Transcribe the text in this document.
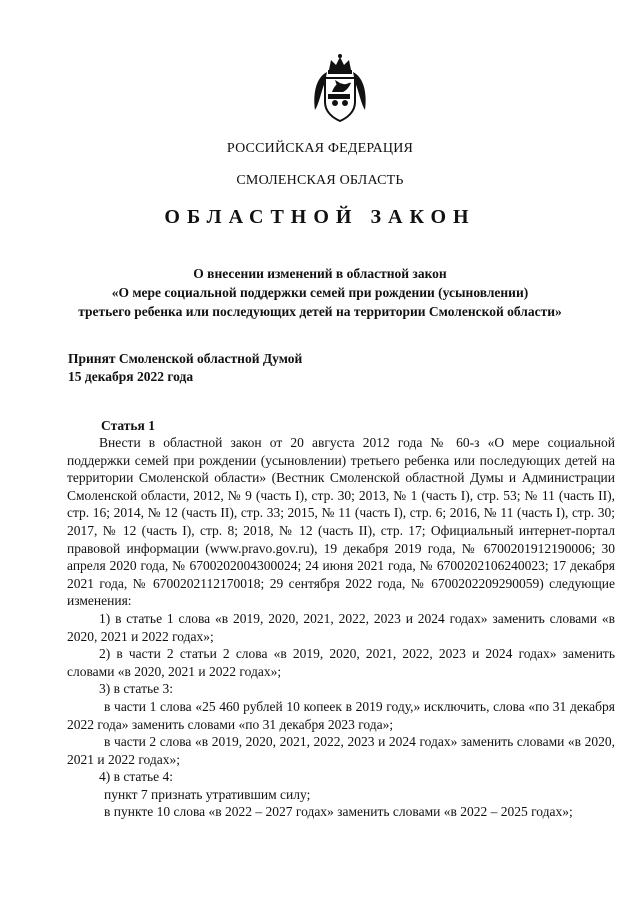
РОССИЙСКАЯ ФЕДЕРАЦИЯ
СМОЛЕНСКАЯ ОБЛАСТЬ
ОБЛАСТНОЙ ЗАКОН
О внесении изменений в областной закон
«О мере социальной поддержки семей при рождении (усыновлении)
третьего ребенка или последующих детей на территории Смоленской области»
Принят Смоленской областной Думой
15 декабря 2022 года
Статья 1

Внести в областной закон от 20 августа 2012 года № 60-з «О мере социальной поддержки семей при рождении (усыновлении) третьего ребенка или последующих детей на территории Смоленской области» (Вестник Смоленской областной Думы и Администрации Смоленской области, 2012, № 9 (часть I), стр. 30; 2013, № 1 (часть I), стр. 53; № 11 (часть II), стр. 16; 2014, № 12 (часть II), стр. 33; 2015, № 11 (часть I), стр. 6; 2016, № 11 (часть I), стр. 30; 2017, № 12 (часть I), стр. 8; 2018, № 12 (часть II), стр. 17; Официальный интернет-портал правовой информации (www.pravo.gov.ru), 19 декабря 2019 года, № 6700201912190006; 30 апреля 2020 года, № 6700202004300024; 24 июня 2021 года, № 6700202106240023; 17 декабря 2021 года, № 6700202112170018; 29 сентября 2022 года, № 6700202209290059) следующие изменения:

1) в статье 1 слова «в 2019, 2020, 2021, 2022, 2023 и 2024 годах» заменить словами «в 2020, 2021 и 2022 годах»;

2) в части 2 статьи 2 слова «в 2019, 2020, 2021, 2022, 2023 и 2024 годах» заменить словами «в 2020, 2021 и 2022 годах»;

3) в статье 3:

в части 1 слова «25 460 рублей 10 копеек в 2019 году,» исключить, слова «по 31 декабря 2022 года» заменить словами «по 31 декабря 2023 года»;

в части 2 слова «в 2019, 2020, 2021, 2022, 2023 и 2024 годах» заменить словами «в 2020, 2021 и 2022 годах»;

4) в статье 4:

пункт 7 признать утратившим силу;

в пункте 10 слова «в 2022 – 2027 годах» заменить словами «в 2022 – 2025 годах»;
